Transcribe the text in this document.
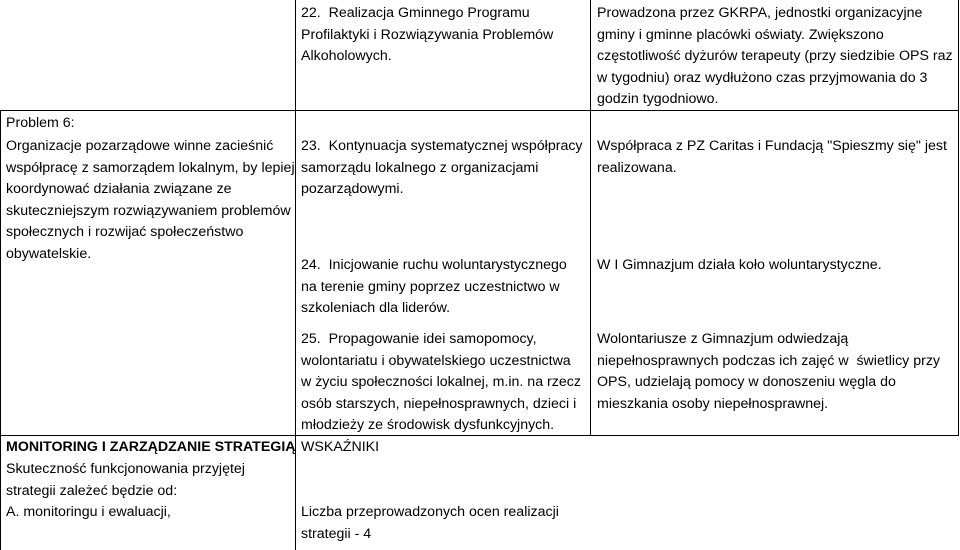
Problem 6:
Organizacje pozarządowe winne zacieśnić
współpracę z samorządem lokalnym, by lepiej
koordynować działania związane ze
skuteczniejszym rozwiązywaniem problemów
społecznych i rozwijać społeczeństwo
obywatelskie.
MONITORING I ZARZĄDZANIE STRATEGIĄ
Skuteczność funkcjonowania przyjętej
strategii zależeć będzie od:
A. monitoringu i ewaluacji,
22.  Realizacja Gminnego Programu
Profilaktyki i Rozwiązywania Problemów
Alkoholowych.
23.  Kontynuacja systematycznej współpracy
samorządu lokalnego z organizacjami
pozarządowymi.
24.  Inicjowanie ruchu woluntarystycznego
na terenie gminy poprzez uczestnictwo w
szkoleniach dla liderów.
25.  Propagowanie idei samopomocy,
wolontariatu i obywatelskiego uczestnictwa
w życiu społeczności lokalnej, m.in. na rzecz
osób starszych, niepełnosprawnych, dzieci i
młodzieży ze środowisk dysfunkcyjnych.
WSKAŹNIKI
Liczba przeprowadzonych ocen realizacji
strategii - 4
Prowadzona przez GKRPA, jednostki organizacyjne
gminy i gminne placówki oświaty. Zwiększono
częstotliwość dyżurów terapeuty (przy siedzibie OPS raz
w tygodniu) oraz wydłużono czas przyjmowania do 3
godzin tygodniowo.
Współpraca z PZ Caritas i Fundacją "Spieszmy się" jest
realizowana.
W I Gimnazjum działa koło woluntarystyczne.
Wolontariusze z Gimnazjum odwiedzają
niepełnosprawnych podczas ich zajęć w  świetlicy przy
OPS, udzielają pomocy w donoszeniu węgla do
mieszkania osoby niepełnosprawnej.
